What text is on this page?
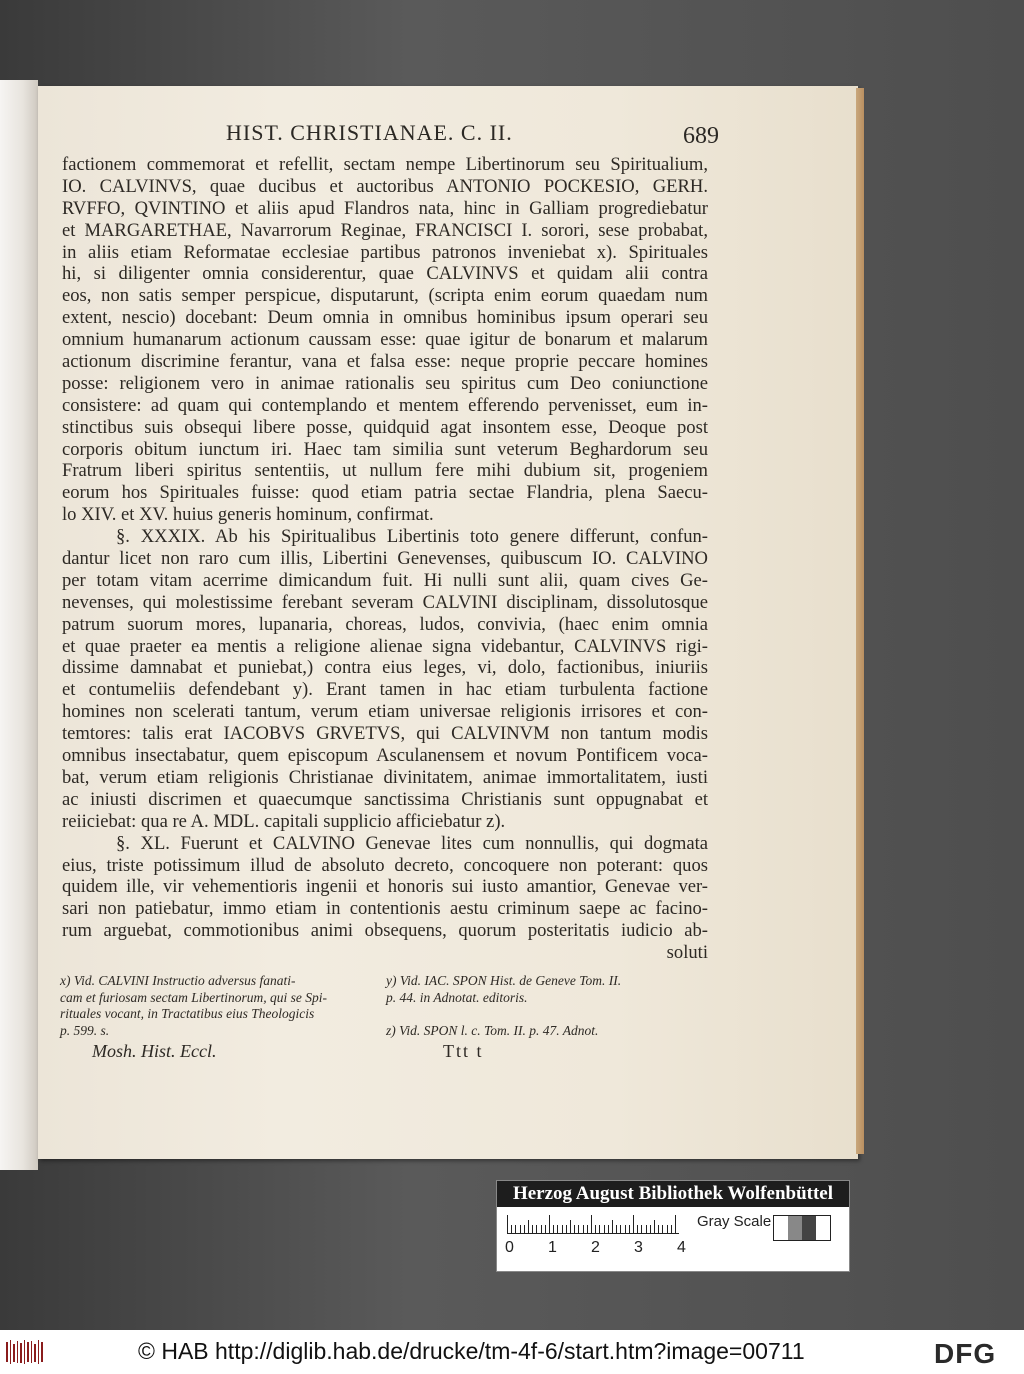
HIST. CHRISTIANAE. C. II.	689
factionem commemorat et refellit, sectam nempe Libertinorum seu Spiritualium,
IO. CALVINVS, quae ducibus et auctoribus ANTONIO POCKESIO, GERH.
RVFFO, QVINTINO et aliis apud Flandros nata, hinc in Galliam progrediebatur
et MARGARETHAE, Navarrorum Reginae, FRANCISCI I. sorori, sese probabat,
in aliis etiam Reformatae ecclesiae partibus patronos inveniebat x). Spirituales
hi, si diligenter omnia considerentur, quae CALVINVS et quidam alii contra
eos, non satis semper perspicue, disputarunt, (scripta enim eorum quaedam num
extent, nescio) docebant: Deum omnia in omnibus hominibus ipsum operari seu
omnium humanarum actionum caussam esse: quae igitur de bonarum et malarum
actionum discrimine ferantur, vana et falsa esse: neque proprie peccare homines
posse: religionem vero in animae rationalis seu spiritus cum Deo coniunctione
consistere: ad quam qui contemplando et mentem efferendo pervenisset, eum in-
stinctibus suis obsequi libere posse, quidquid agat insontem esse, Deoque post
corporis obitum iunctum iri. Haec tam similia sunt veterum Beghardorum seu
Fratrum liberi spiritus sententiis, ut nullum fere mihi dubium sit, progeniem
eorum hos Spirituales fuisse: quod etiam patria sectae Flandria, plena Saecu-
lo XIV. et XV. huius generis hominum, confirmat.
§. XXXIX. Ab his Spiritualibus Libertinis toto genere differunt, confun-
dantur licet non raro cum illis, Libertini Genevenses, quibuscum IO. CALVINO
per totam vitam acerrime dimicandum fuit. Hi nulli sunt alii, quam cives Ge-
nevenses, qui molestissime ferebant severam CALVINI disciplinam, dissolutosque
patrum suorum mores, lupanaria, choreas, ludos, convivia, (haec enim omnia
et quae praeter ea mentis a religione alienae signa videbantur, CALVINVS rigi-
dissime damnabat et puniebat,) contra eius leges, vi, dolo, factionibus, iniuriis
et contumeliis defendebant y). Erant tamen in hac etiam turbulenta factione
homines non scelerati tantum, verum etiam universae religionis irrisores et con-
temtores: talis erat IACOBVS GRVETVS, qui CALVINVM non tantum modis
omnibus insectabatur, quem episcopum Asculanensem et novum Pontificem voca-
bat, verum etiam religionis Christianae divinitatem, animae immortalitatem, iusti
ac iniusti discrimen et quaecumque sanctissima Christianis sunt oppugnabat et
reiiciebat: qua re A. MDL. capitali supplicio afficiebatur z).
§. XL. Fuerunt et CALVINO Genevae lites cum nonnullis, qui dogmata
eius, triste potissimum illud de absoluto decreto, concoquere non poterant: quos
quidem ille, vir vehementioris ingenii et honoris sui iusto amantior, Genevae ver-
sari non patiebatur, immo etiam in contentionis aestu criminum saepe ac facino-
rum arguebat, commotionibus animi obsequens, quorum posteritatis iudicio ab-
soluti
x) Vid. CALVINI Instructio adversus fanati-
cam et furiosam sectam Libertinorum, qui se Spi-
rituales vocant, in Tractatibus eius Theologicis
p. 599. s.
y) Vid. IAC. SPON Hist. de Geneve Tom. II.
p. 44. in Adnotat. editoris.

z) Vid. SPON l. c. Tom. II. p. 47. Adnot.
Mosh. Hist. Eccl.	Ttt t
Herzog August Bibliothek Wolfenbüttel
0 1 2 3 4
Gray Scale
© HAB http://diglib.hab.de/drucke/tm-4f-6/start.htm?image=00711	DFG
